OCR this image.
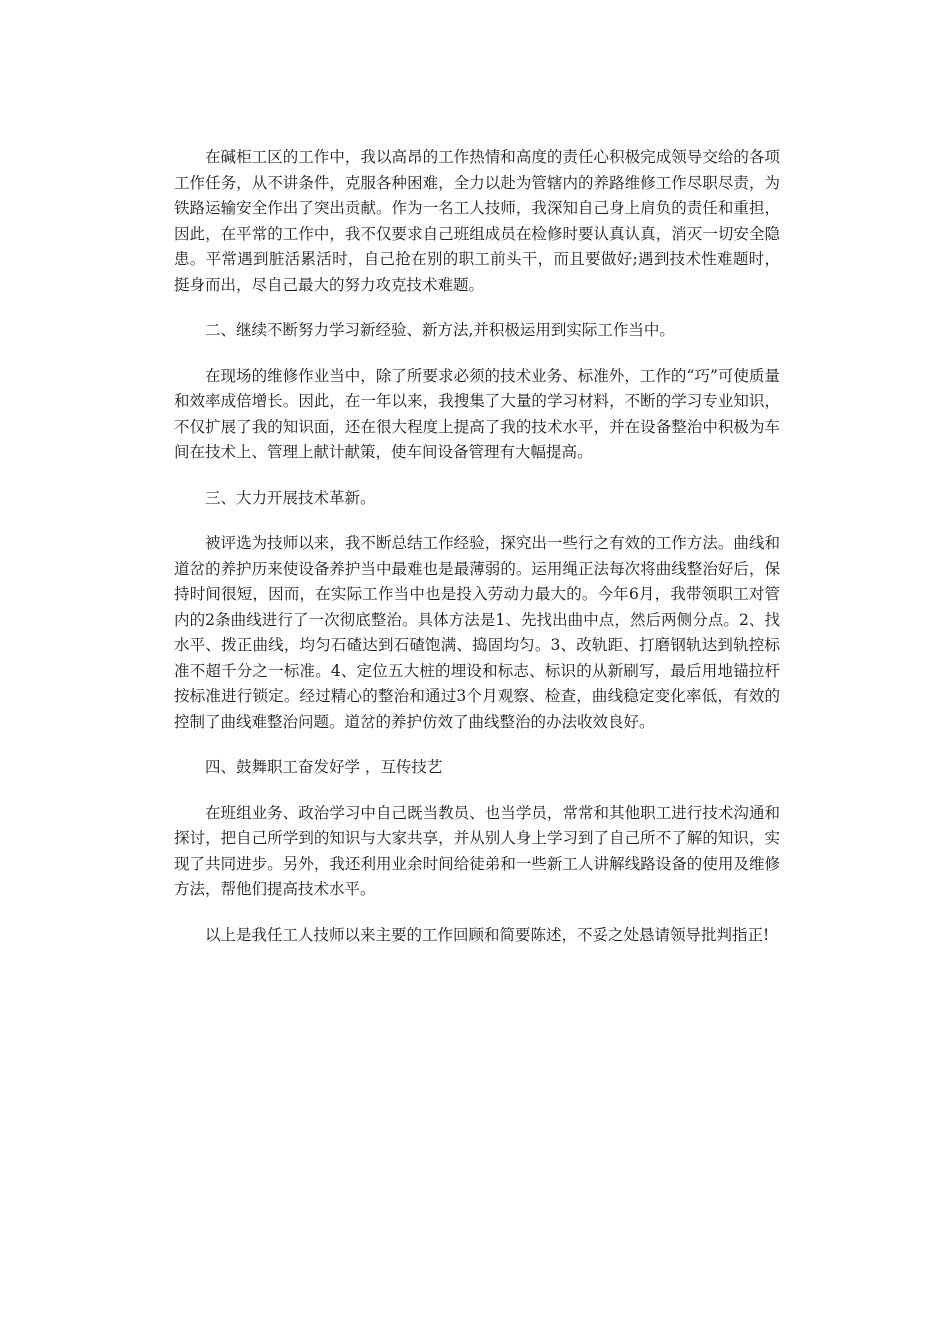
在碱柜工区的工作中，我以高昂的工作热情和高度的责任心积极完成领导交给的各项工作任务，从不讲条件，克服各种困难，全力以赴为管辖内的养路维修工作尽职尽责，为铁路运输安全作出了突出贡献。作为一名工人技师，我深知自己身上肩负的责任和重担，因此，在平常的工作中，我不仅要求自己班组成员在检修时要认真认真，消灭一切安全隐患。平常遇到脏活累活时，自己抢在别的职工前头干，而且要做好;遇到技术性难题时，挺身而出，尽自己最大的努力攻克技术难题。

二、继续不断努力学习新经验、新方法,并积极运用到实际工作当中。

在现场的维修作业当中，除了所要求必须的技术业务、标准外，工作的“巧”可使质量和效率成倍增长。因此，在一年以来，我搜集了大量的学习材料，不断的学习专业知识，不仅扩展了我的知识面，还在很大程度上提高了我的技术水平，并在设备整治中积极为车间在技术上、管理上献计献策，使车间设备管理有大幅提高。

三、大力开展技术革新。

被评选为技师以来，我不断总结工作经验，探究出一些行之有效的工作方法。曲线和道岔的养护历来使设备养护当中最难也是最薄弱的。运用绳正法每次将曲线整治好后，保持时间很短，因而，在实际工作当中也是投入劳动力最大的。今年6月，我带领职工对管内的2条曲线进行了一次彻底整治。具体方法是1、先找出曲中点，然后两侧分点。2、找水平、拨正曲线，均匀石碴达到石碴饱满、捣固均匀。3、改轨距、打磨钢轨达到轨控标准不超千分之一标准。4、定位五大桩的埋设和标志、标识的从新刷写，最后用地锚拉杆按标准进行锁定。经过精心的整治和通过3个月观察、检查，曲线稳定变化率低，有效的控制了曲线难整治问题。道岔的养护仿效了曲线整治的办法收效良好。

四、鼓舞职工奋发好学 ，互传技艺

在班组业务、政治学习中自己既当教员、也当学员，常常和其他职工进行技术沟通和探讨，把自己所学到的知识与大家共享，并从别人身上学习到了自己所不了解的知识，实现了共同进步。另外，我还利用业余时间给徒弟和一些新工人讲解线路设备的使用及维修方法，帮他们提高技术水平。

以上是我任工人技师以来主要的工作回顾和简要陈述，不妥之处恳请领导批判指正!
